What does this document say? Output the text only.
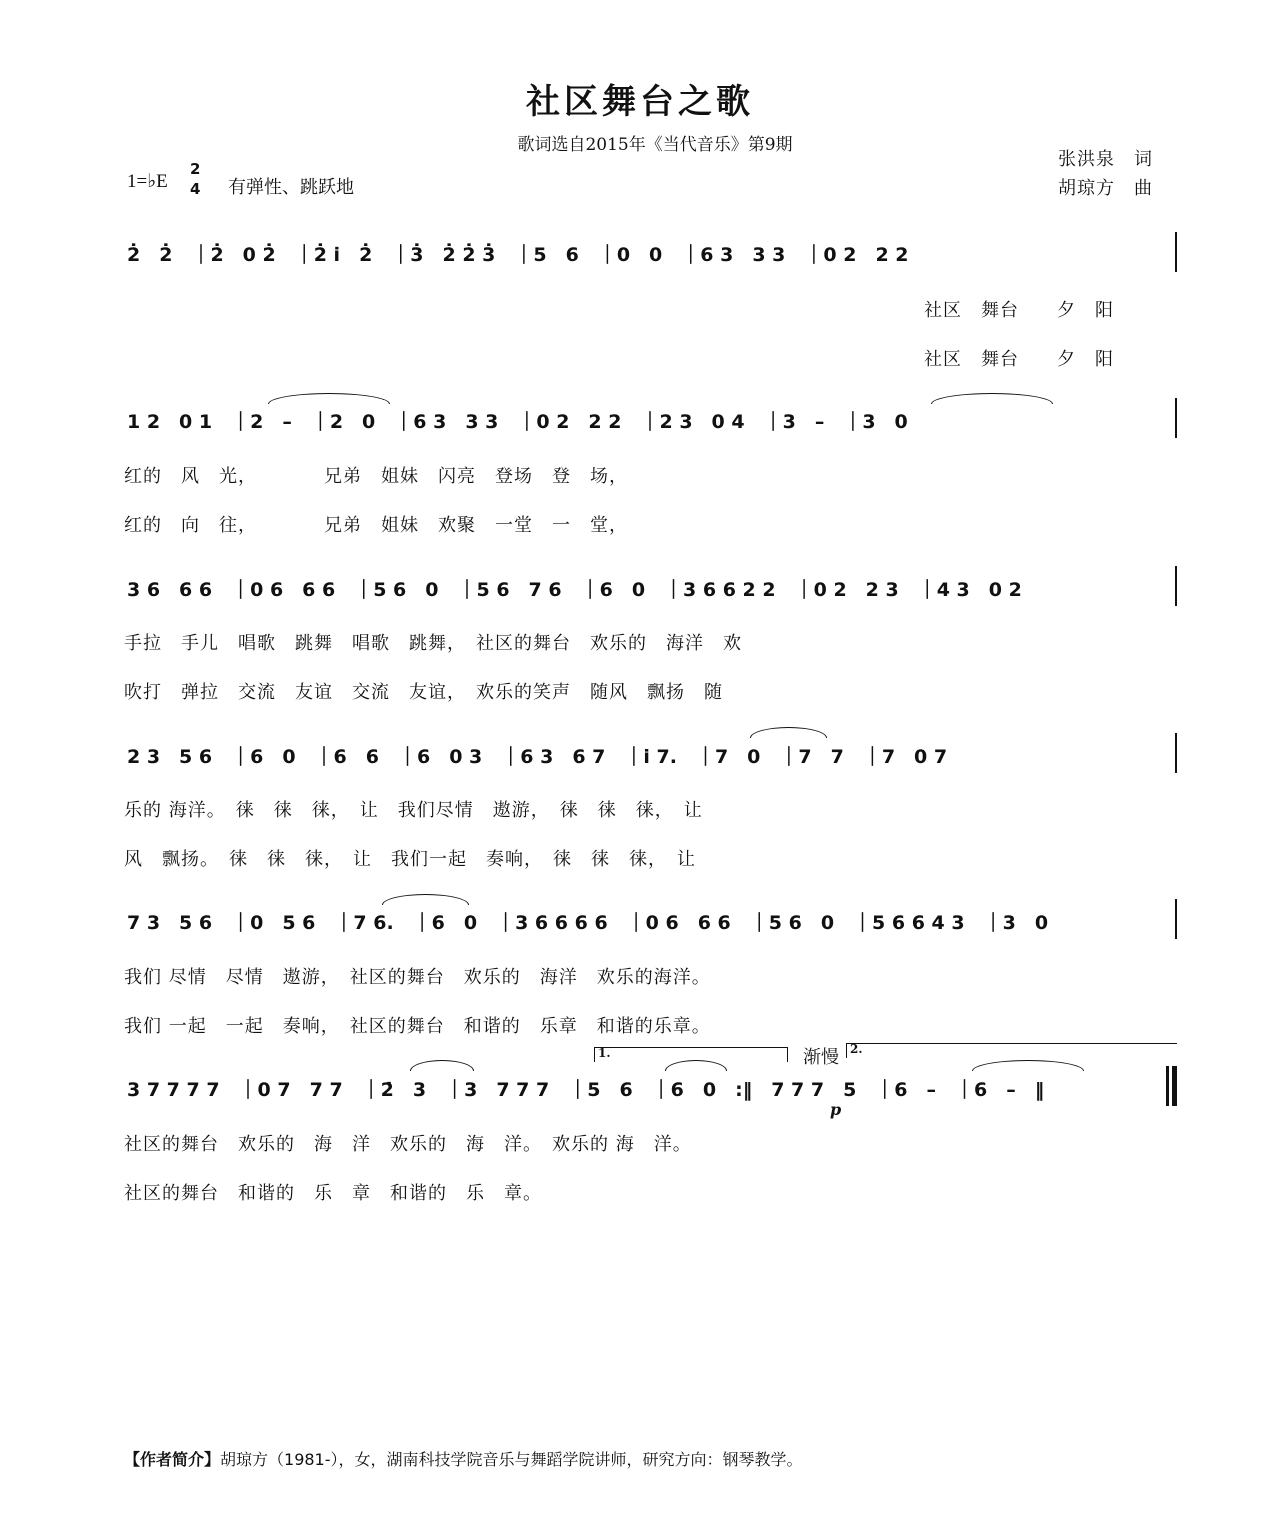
社区舞台之歌
歌词选自2015年《当代音乐》第9期
张洪泉　词
胡琼方　曲
1=♭E
2
4 有弹性、跳跃地
2̇　2̇　｜2̇　0 2̇　｜2̇ i̇　2̇　｜3̇　2̇ 2̇ 3̇　｜5　6　｜0　0　｜6 3　3 3　｜0 2　2 2
社区　舞台　　夕　阳
社区　舞台　　夕　阳
1 2　0 1　｜2　–　｜2　0　｜6 3　3 3　｜0 2　2 2　｜2 3　0 4　｜3　–　｜3　0
红的　风　光，　　　　兄弟　姐妹　闪亮　登场　登　场，
红的　向　往，　　　　兄弟　姐妹　欢聚　一堂　一　堂，
3 6　6 6　｜0 6　6 6　｜5 6　0　｜5 6　7 6　｜6　0　｜3 6 6 2 2　｜0 2　2 3　｜4 3　0 2
手拉　手儿　唱歌　跳舞　唱歌　跳舞，　社区的舞台　欢乐的　海洋　欢
吹打　弹拉　交流　友谊　交流　友谊，　欢乐的笑声　随风　飘扬　随
2 3　5 6　｜6　0　｜6　6　｜6　0 3　｜6 3　6 7　｜i 7.　｜7　0　｜7　7　｜7　0 7
乐的 海洋。　徕　徕　徕，　让　我们尽情　遨游，　徕　徕　徕，　让
风　飘扬。　徕　徕　徕，　让　我们一起　奏响，　徕　徕　徕，　让
7 3　5 6　｜0　5 6　｜7 6.　｜6　0　｜3 6 6 6 6　｜0 6　6 6　｜5 6　0　｜5 6 6 4 3　｜3　0
我们 尽情　尽情　遨游，　社区的舞台　欢乐的　海洋　欢乐的海洋。
我们 一起　一起　奏响，　社区的舞台　和谐的　乐章　和谐的乐章。
1.	渐慢 2.
3 7 7 7 7　｜0 7　7 7　｜2̇　3　｜3　7 7 7　｜5　6　｜6　0　:‖　7 7 7　5　｜6　–　｜6　–　‖
p
社区的舞台　欢乐的　海　洋　欢乐的　海　洋。　欢乐的 海　洋。
社区的舞台　和谐的　乐　章　和谐的　乐　章。
【作者简介】胡琼方（1981-），女，湖南科技学院音乐与舞蹈学院讲师，研究方向：钢琴教学。
